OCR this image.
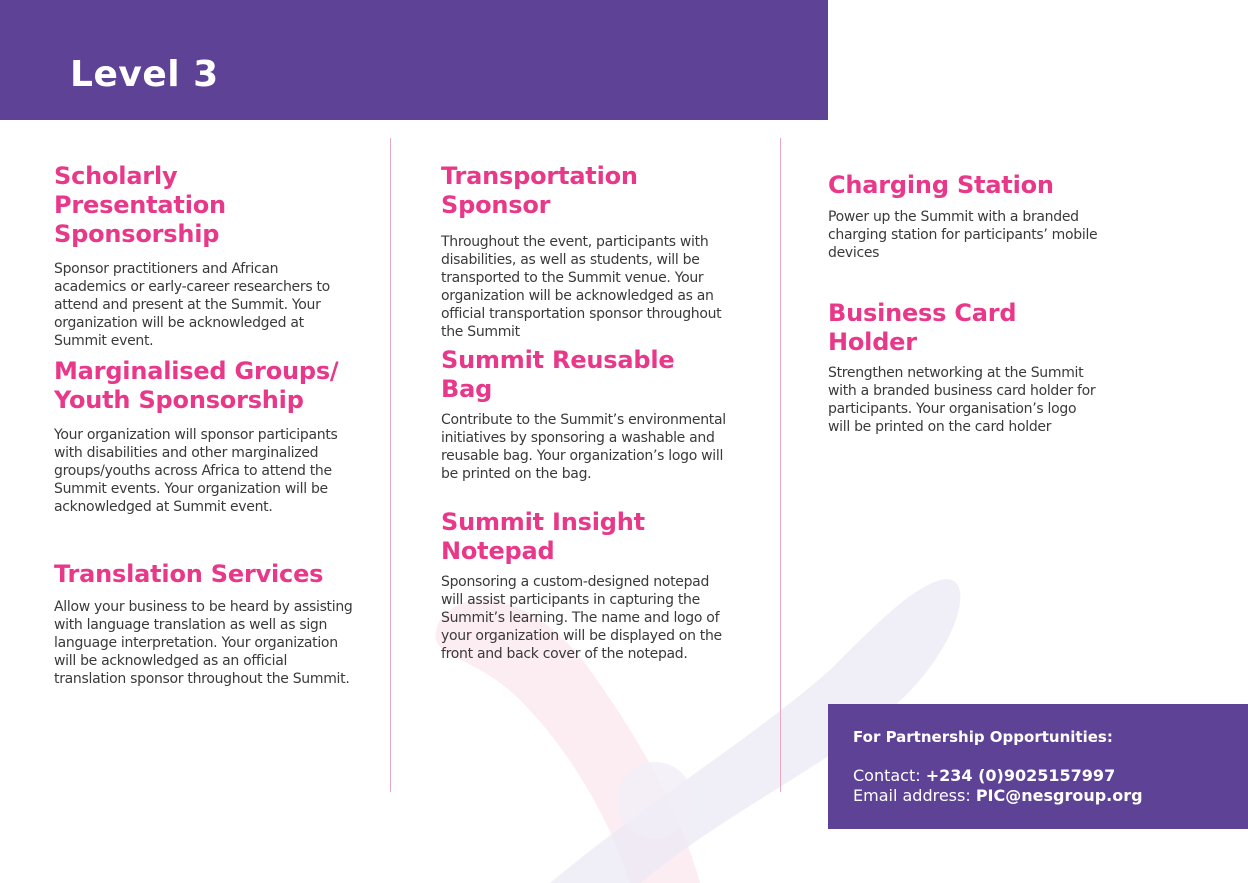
Level 3
Scholarly Presentation Sponsorship

Sponsor practitioners and African academics or early-career researchers to attend and present at the Summit. Your organization will be acknowledged at Summit event.

Marginalised Groups/ Youth Sponsorship

Your organization will sponsor participants with disabilities and other marginalized groups/youths across Africa to attend the Summit events. Your organization will be acknowledged at Summit event.

Translation Services

Allow your business to be heard by assisting with language translation as well as sign language interpretation. Your organization will be acknowledged as an official translation sponsor throughout the Summit.

Transportation Sponsor

Throughout the event, participants with disabilities, as well as students, will be transported to the Summit venue. Your organization will be acknowledged as an official transportation sponsor throughout the Summit

Summit Reusable Bag

Contribute to the Summit’s environmental initiatives by sponsoring a washable and reusable bag. Your organization’s logo will be printed on the bag.

Summit Insight Notepad

Sponsoring a custom-designed notepad will assist participants in capturing the Summit’s learning. The name and logo of your organization will be displayed on the front and back cover of the notepad.

Charging Station

Power up the Summit with a branded charging station for participants’ mobile devices

Business Card Holder

Strengthen networking at the Summit with a branded business card holder for participants. Your organisation’s logo will be printed on the card holder

For Partnership Opportunities:
Contact: +234 (0)9025157997
Email address: PIC@nesgroup.org
